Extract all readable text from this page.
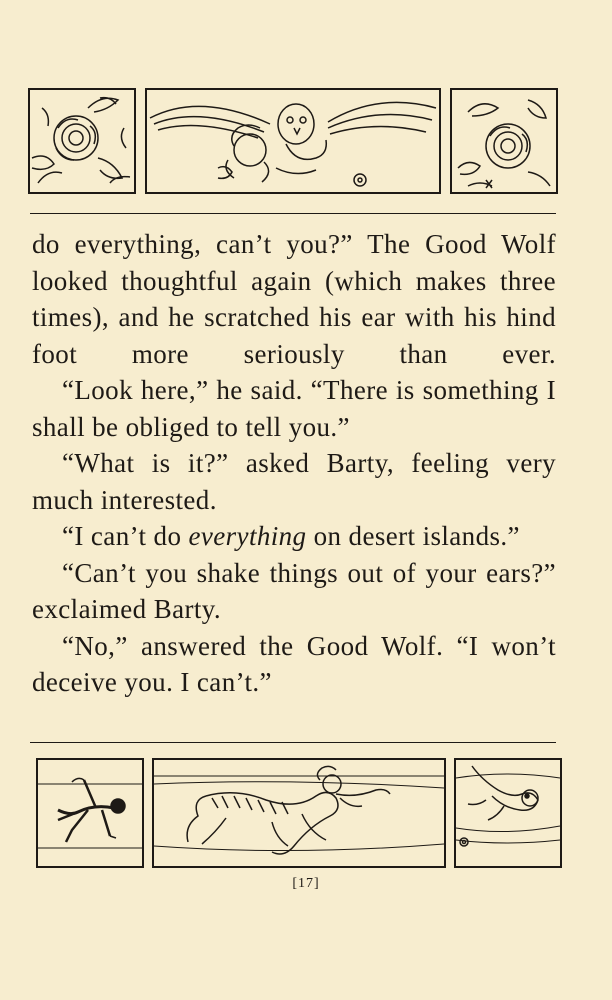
do everything, can’t you?” The Good Wolf looked thoughtful again (which makes three times), and he scratched his ear with his hind foot more seriously than ever.

“Look here,” he said. “There is something I shall be obliged to tell you.”

“What is it?” asked Barty, feeling very much interested.

“I can’t do everything on desert islands.”

“Can’t you shake things out of your ears?” exclaimed Barty.

“No,” answered the Good Wolf. “I won’t deceive you. I can’t.”

[17]
